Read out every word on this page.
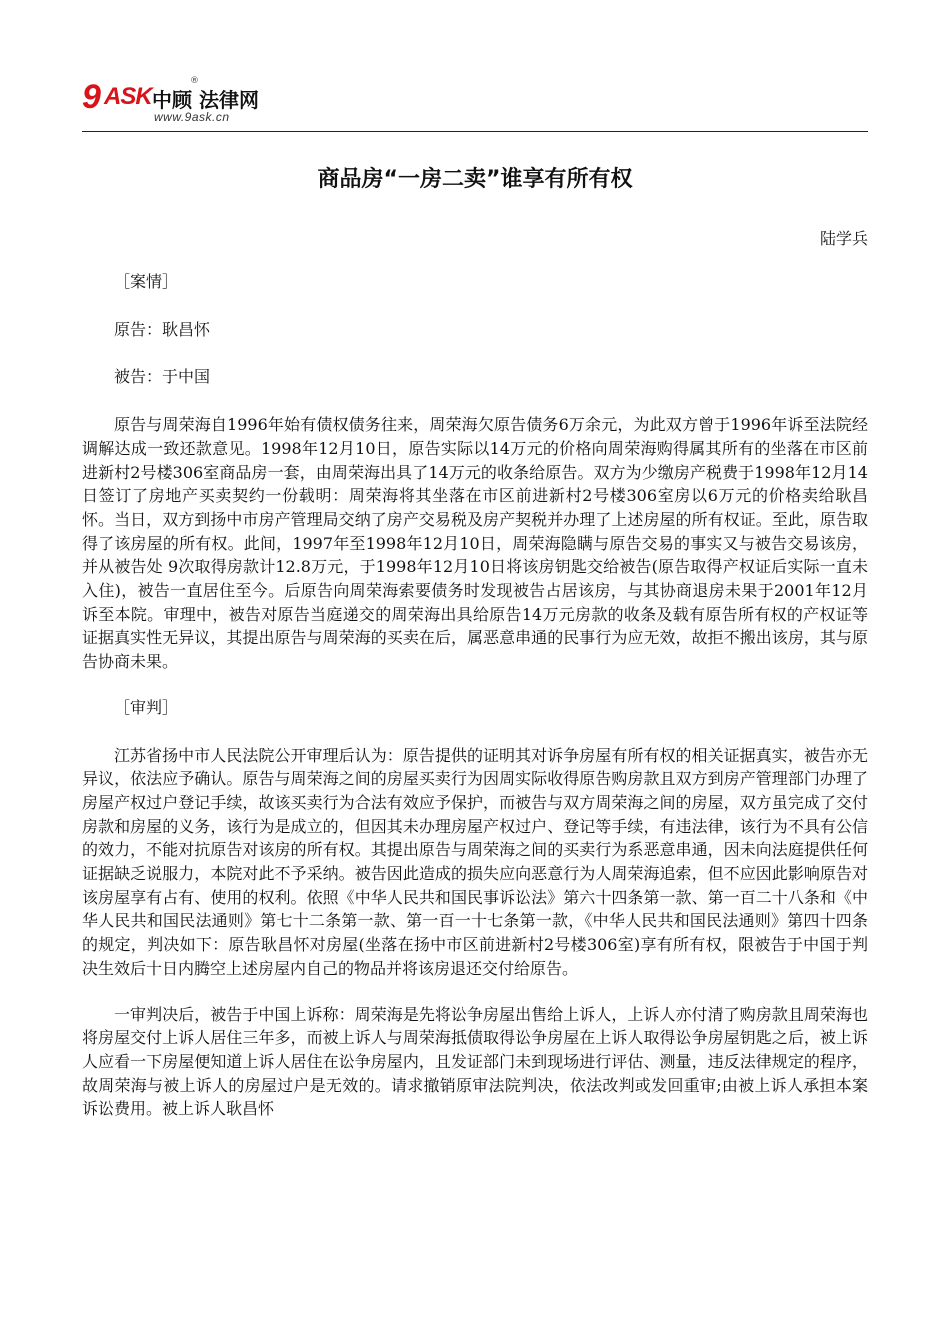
9 ASK 中顾 法律网
®
www.9ask.cn
商品房“一房二卖”谁享有所有权
陆学兵

［案情］

原告：耿昌怀

被告：于中国

原告与周荣海自1996年始有债权债务往来，周荣海欠原告债务6万余元，为此双方曾于1996年诉至法院经调解达成一致还款意见。1998年12月10日，原告实际以14万元的价格向周荣海购得属其所有的坐落在市区前进新村2号楼306室商品房一套，由周荣海出具了14万元的收条给原告。双方为少缴房产税费于1998年12月14日签订了房地产买卖契约一份载明：周荣海将其坐落在市区前进新村2号楼306室房以6万元的价格卖给耿昌怀。当日，双方到扬中市房产管理局交纳了房产交易税及房产契税并办理了上述房屋的所有权证。至此，原告取得了该房屋的所有权。此间，1997年至1998年12月10日，周荣海隐瞒与原告交易的事实又与被告交易该房，并从被告处 9次取得房款计12.8万元，于1998年12月10日将该房钥匙交给被告(原告取得产权证后实际一直未入住)，被告一直居住至今。后原告向周荣海索要债务时发现被告占居该房，与其协商退房未果于2001年12月诉至本院。审理中，被告对原告当庭递交的周荣海出具给原告14万元房款的收条及载有原告所有权的产权证等证据真实性无异议，其提出原告与周荣海的买卖在后，属恶意串通的民事行为应无效，故拒不搬出该房，其与原告协商未果。

［审判］

江苏省扬中市人民法院公开审理后认为：原告提供的证明其对诉争房屋有所有权的相关证据真实，被告亦无异议，依法应予确认。原告与周荣海之间的房屋买卖行为因周实际收得原告购房款且双方到房产管理部门办理了房屋产权过户登记手续，故该买卖行为合法有效应予保护，而被告与双方周荣海之间的房屋，双方虽完成了交付房款和房屋的义务，该行为是成立的，但因其未办理房屋产权过户、登记等手续，有违法律，该行为不具有公信的效力，不能对抗原告对该房的所有权。其提出原告与周荣海之间的买卖行为系恶意串通，因未向法庭提供任何证据缺乏说服力，本院对此不予采纳。被告因此造成的损失应向恶意行为人周荣海追索，但不应因此影响原告对该房屋享有占有、使用的权利。依照《中华人民共和国民事诉讼法》第六十四条第一款、第一百二十八条和《中华人民共和国民法通则》第七十二条第一款、第一百一十七条第一款，《中华人民共和国民法通则》第四十四条的规定，判决如下：原告耿昌怀对房屋(坐落在扬中市区前进新村2号楼306室)享有所有权，限被告于中国于判决生效后十日内腾空上述房屋内自己的物品并将该房退还交付给原告。

一审判决后，被告于中国上诉称：周荣海是先将讼争房屋出售给上诉人，上诉人亦付清了购房款且周荣海也将房屋交付上诉人居住三年多，而被上诉人与周荣海抵债取得讼争房屋在上诉人取得讼争房屋钥匙之后，被上诉人应看一下房屋便知道上诉人居住在讼争房屋内，且发证部门未到现场进行评估、测量，违反法律规定的程序，故周荣海与被上诉人的房屋过户是无效的。请求撤销原审法院判决，依法改判或发回重审;由被上诉人承担本案诉讼费用。被上诉人耿昌怀
